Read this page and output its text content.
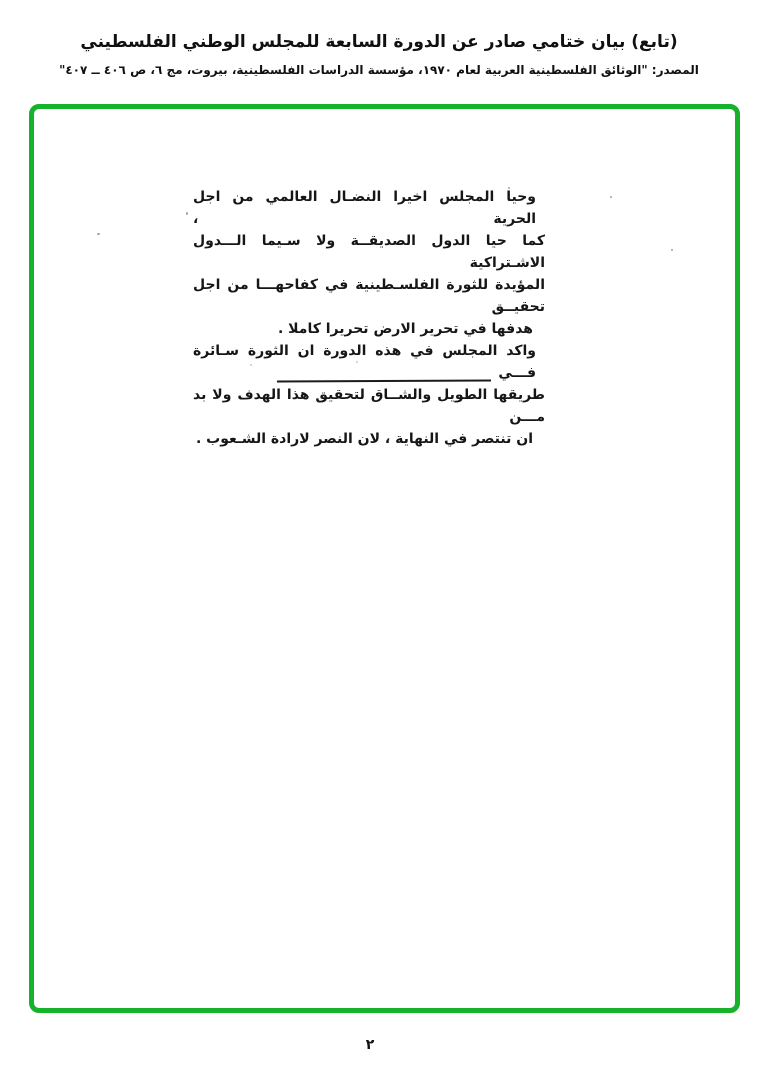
(تابع) بيان ختامي صادر عن الدورة السابعة للمجلس الوطني الفلسطيني
المصدر: "الوثائق الفلسطينية العربية لعام ١٩٧٠، مؤسسة الدراسات الفلسطينية، بيروت، مج ٦، ص ٤٠٦ ــ ٤٠٧"
وحيا المجلس اخيرا النضـال العالمي من اجل الحرية ،
كما حيا الدول الصديقــة ولا سـيما الـــدول الاشـتراكية
المؤيدة للثورة الفلسـطينية في كفاحهـــا من اجل تحقيــق
هدفها في تحرير الارض تحريرا كاملا .
واكد المجلس في هذه الدورة ان الثورة سـائرة فـــي
طريقها الطويل والشــاق لتحقيق هذا الهدف ولا بد مـــن
ان تنتصر في النهاية ، لان النصر لارادة الشـعوب .
٢
